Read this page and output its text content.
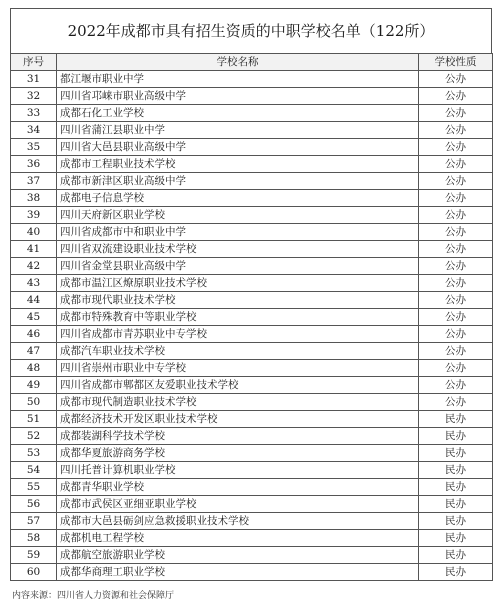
2022年成都市具有招生资质的中职学校名单（122所）
序号	学校名称	学校性质
31	都江堰市职业中学	公办
32	四川省邛崃市职业高级中学	公办
33	成都石化工业学校	公办
34	四川省蒲江县职业中学	公办
35	四川省大邑县职业高级中学	公办
36	成都市工程职业技术学校	公办
37	成都市新津区职业高级中学	公办
38	成都电子信息学校	公办
39	四川天府新区职业学校	公办
40	四川省成都市中和职业中学	公办
41	四川省双流建设职业技术学校	公办
42	四川省金堂县职业高级中学	公办
43	成都市温江区燎原职业技术学校	公办
44	成都市现代职业技术学校	公办
45	成都市特殊教育中等职业学校	公办
46	四川省成都市青苏职业中专学校	公办
47	成都汽车职业技术学校	公办
48	四川省崇州市职业中专学校	公办
49	四川省成都市郫都区友爱职业技术学校	公办
50	成都市现代制造职业技术学校	公办
51	成都经济技术开发区职业技术学校	民办
52	成都装湖科学技术学校	民办
53	成都华夏旅游商务学校	民办
54	四川托普计算机职业学校	民办
55	成都青华职业学校	民办
56	成都市武侯区亚细亚职业学校	民办
57	成都市大邑县砺剑应急救援职业技术学校	民办
58	成都机电工程学校	民办
59	成都航空旅游职业学校	民办
60	成都华商理工职业学校	民办
内容来源：四川省人力资源和社会保障厅
